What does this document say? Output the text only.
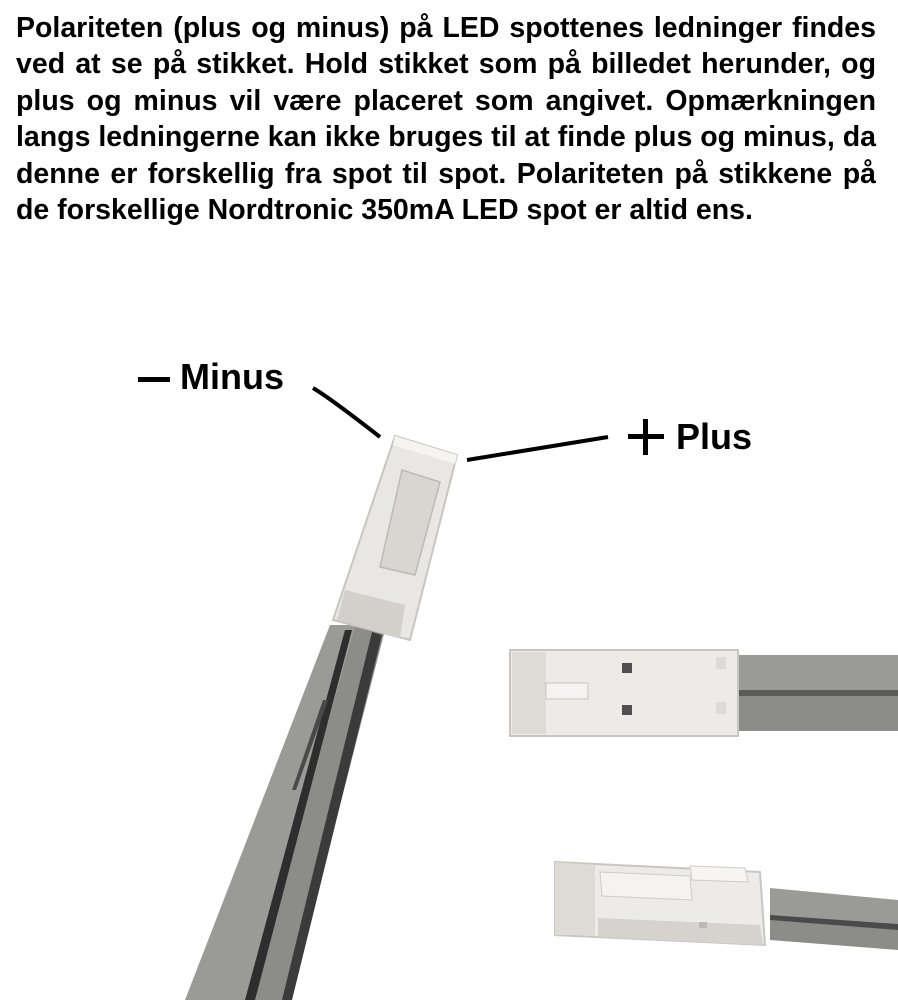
Polariteten (plus og minus) på LED spottenes ledninger findes ved at se på stikket. Hold stikket som på billedet herunder, og plus og minus vil være placeret som angivet. Opmærkningen langs ledningerne kan ikke bruges til at finde plus og minus, da denne er forskellig fra spot til spot. Polariteten på stikkene på de forskellige Nordtronic 350mA LED spot er altid ens.

Minus
Plus
